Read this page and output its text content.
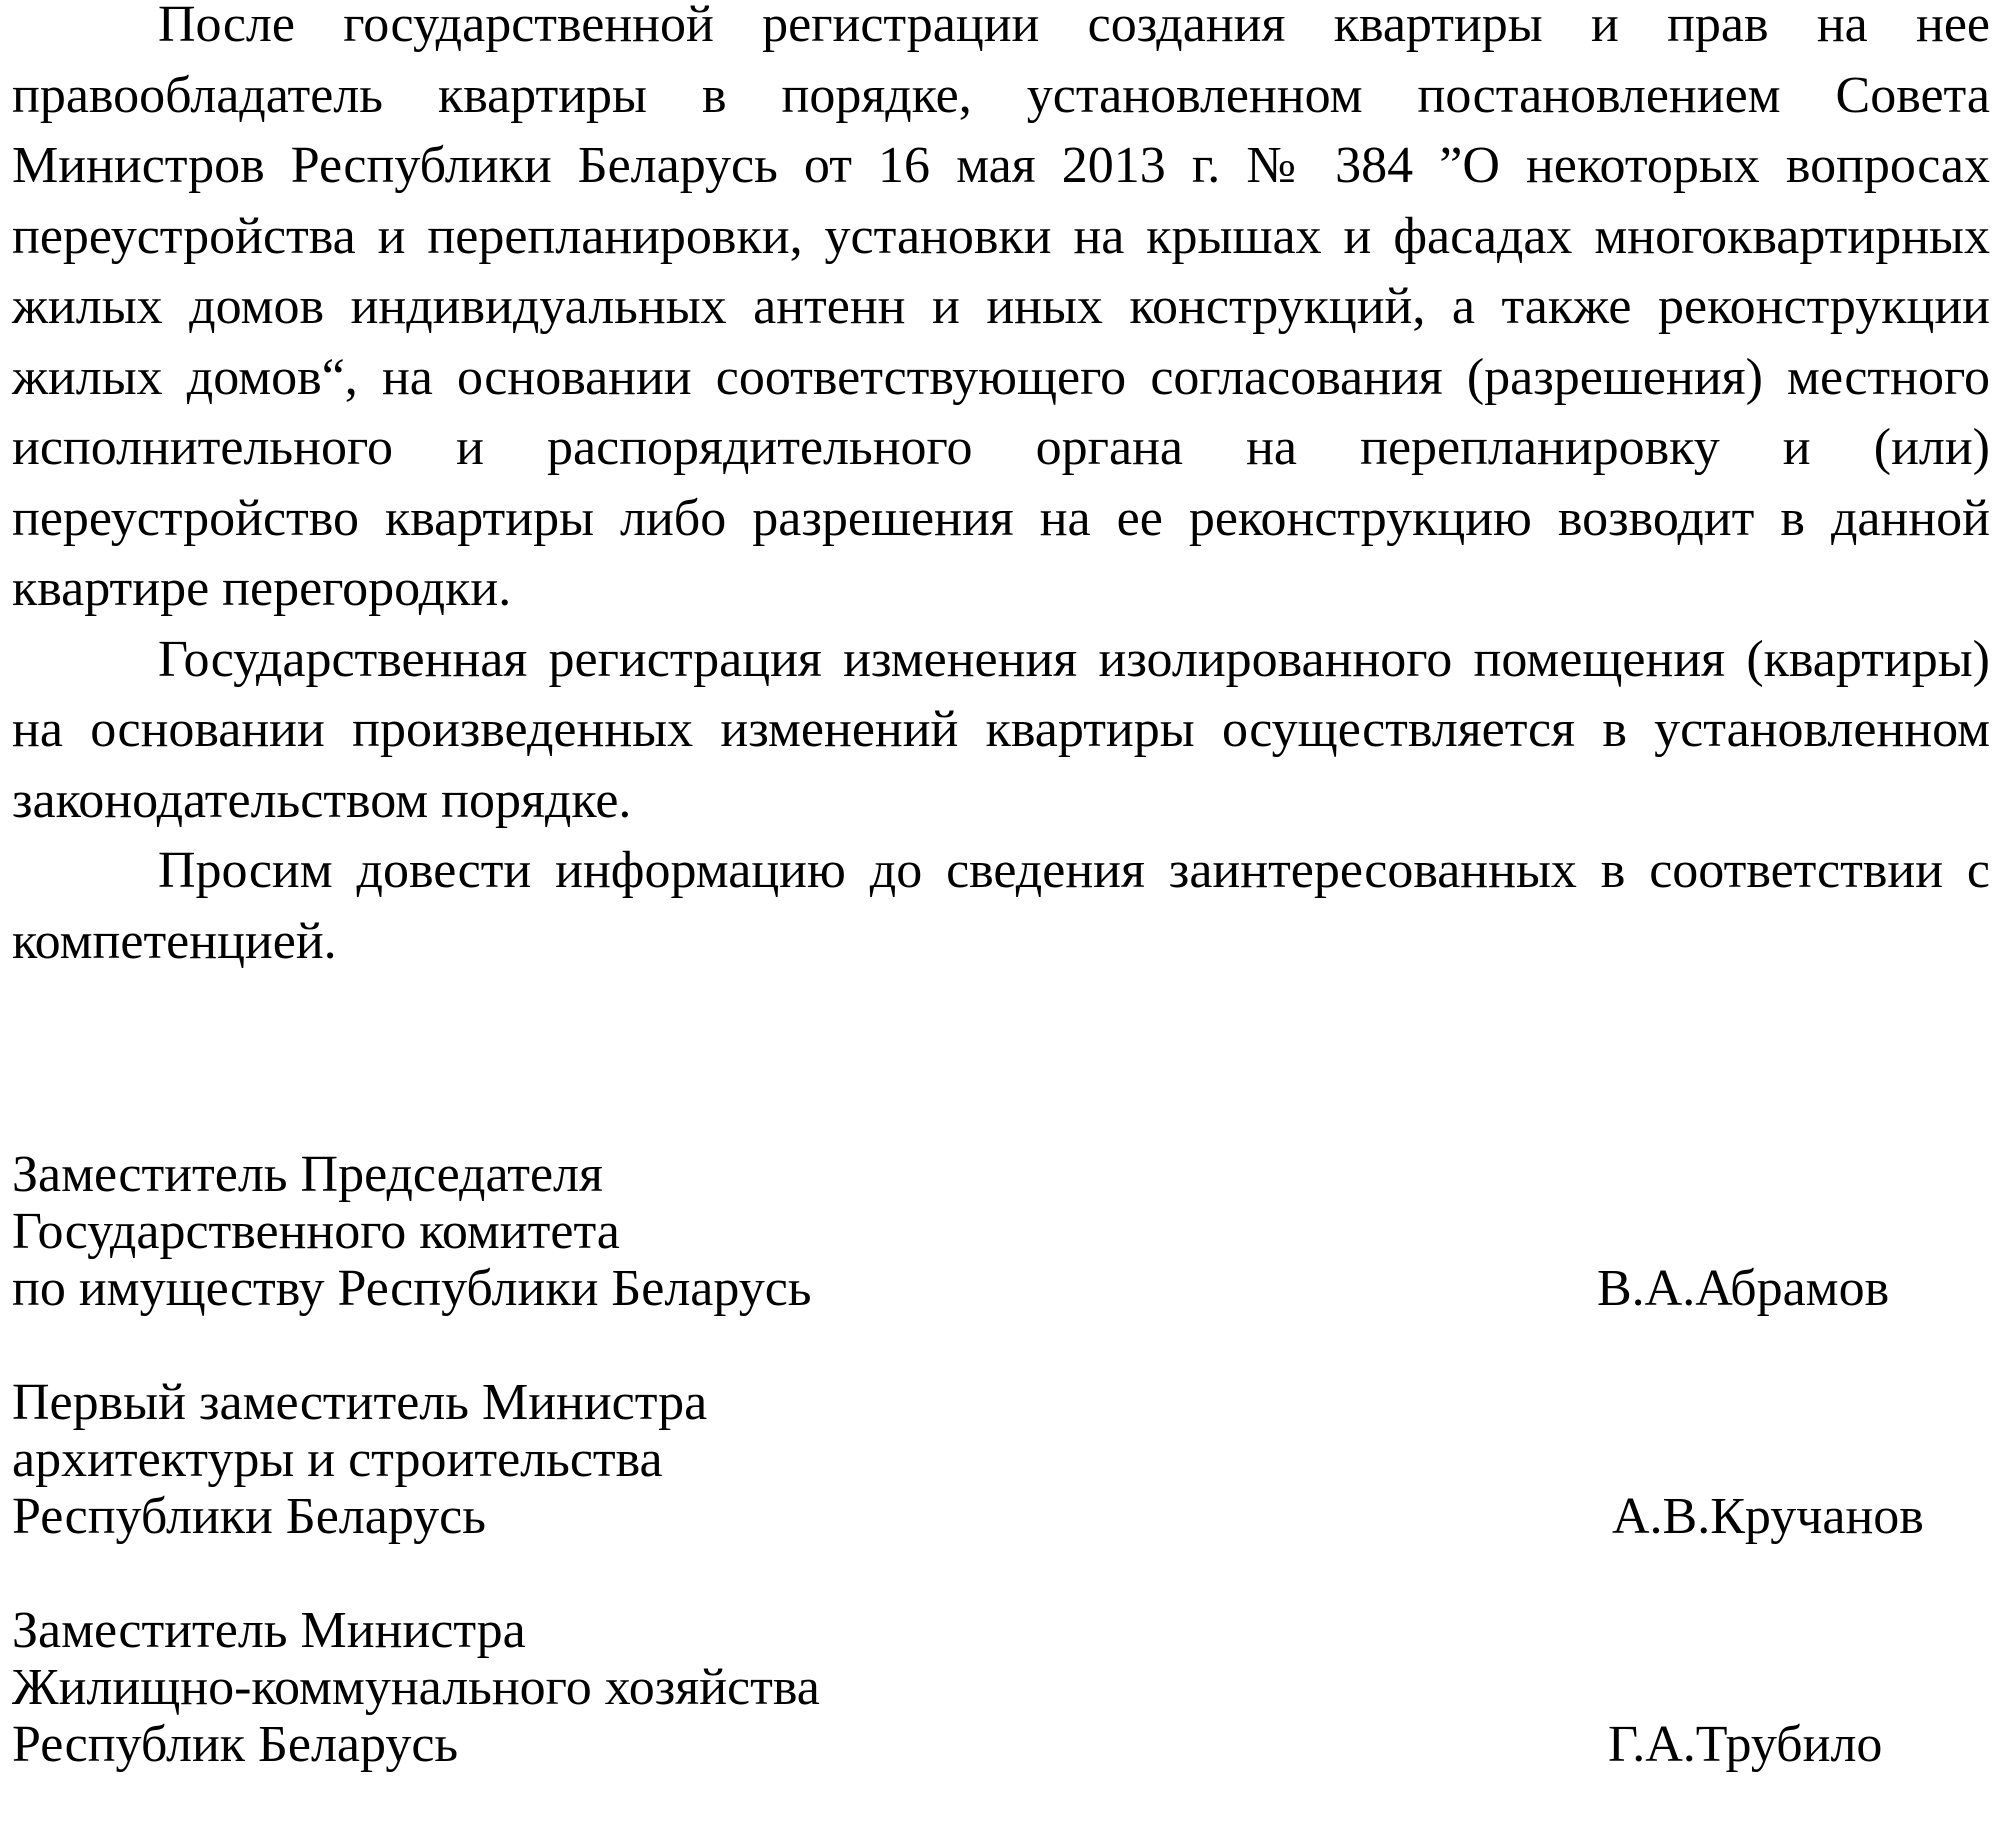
После государственной регистрации создания квартиры и прав на нее правообладатель квартиры в порядке, установленном постановлением Совета Министров Республики Беларусь от 16 мая 2013 г. № 384 ”О некоторых вопросах переустройства и перепланировки, установки на крышах и фасадах многоквартирных жилых домов индивидуальных антенн и иных конструкций, а также реконструкции жилых домов“, на основании соответствующего согласования (разрешения) местного исполнительного и распорядительного органа на перепланировку и (или) переустройство квартиры либо разрешения на ее реконструкцию возводит в данной квартире перегородки.

Государственная регистрация изменения изолированного помещения (квартиры) на основании произведенных изменений квартиры осуществляется в установленном законодательством порядке.

Просим довести информацию до сведения заинтересованных в соответствии с компетенцией.

Заместитель Председателя
Государственного комитета
по имуществу Республики Беларусь	В.А.Абрамов
Первый заместитель Министра
архитектуры и строительства
Республики Беларусь	А.В.Кручанов
Заместитель Министра
Жилищно-коммунального хозяйства
Республик Беларусь	Г.А.Трубило
